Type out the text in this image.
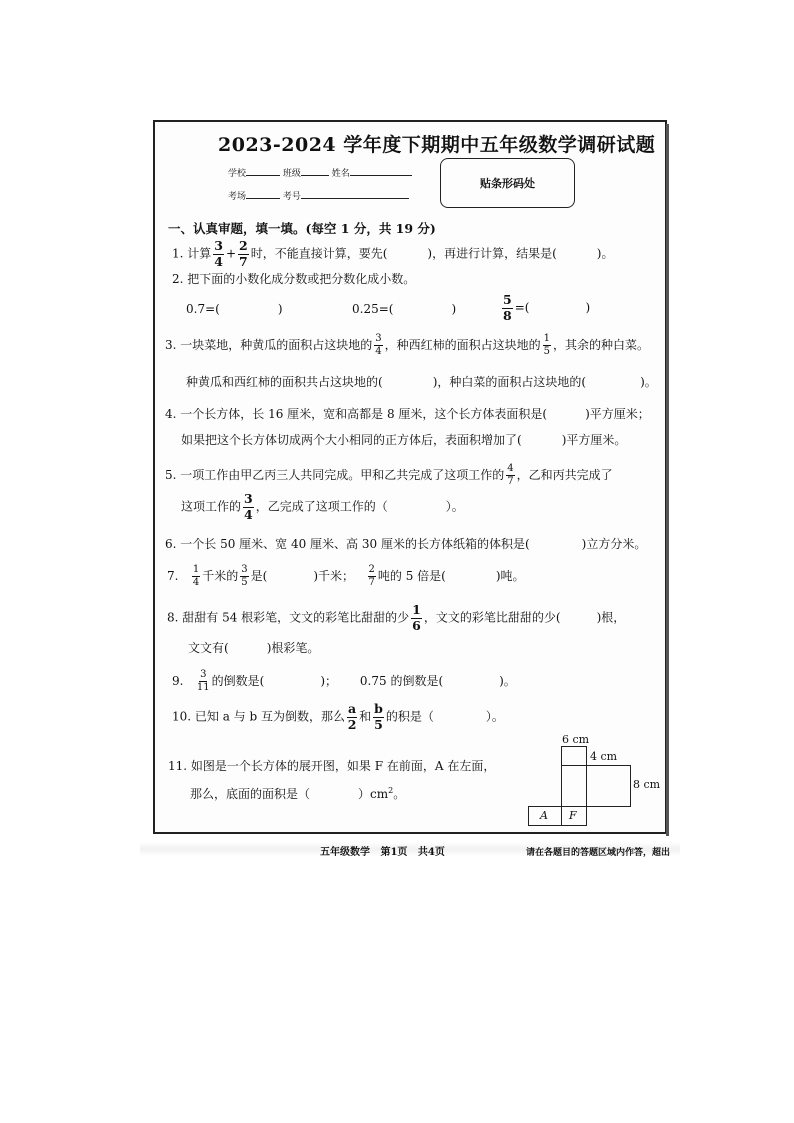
2023-2024 学年度下期期中五年级数学调研试题
学校	班级	姓名
考场	考号
贴条形码处
一、认真审题，填一填。(每空 1 分，共 19 分)
1. 计算 $\frac{3}{4} + \frac{2}{7}$ 时，不能直接计算，要先(	)，再进行计算，结果是(	)。
2. 把下面的小数化成分数或把分数化成小数。
0.7=(	)	0.25=(	)	$\frac{5}{8}$ =(	)
3. 一块菜地，种黄瓜的面积占这块地的 $\frac{3}{4}$ ，种西红柿的面积占这块地的 $\frac{1}{5}$ ，其余的种白菜。
种黄瓜和西红柿的面积共占这块地的(	)，种白菜的面积占这块地的(	)。
4. 一个长方体，长 16 厘米，宽和高都是 8 厘米，这个长方体表面积是(	)平方厘米；
如果把这个长方体切成两个大小相同的正方体后，表面积增加了(	)平方厘米。
5. 一项工作由甲乙丙三人共同完成。甲和乙共完成了这项工作的 $\frac{4}{7}$ ，乙和丙共完成了
这项工作的 $\frac{3}{4}$ ，乙完成了这项工作的（	）。
6. 一个长 50 厘米、宽 40 厘米、高 30 厘米的长方体纸箱的体积是(	)立方分米。
7. $\frac{1}{4}$ 千米的 $\frac{3}{5}$ 是(	)千米； $\frac{2}{7}$ 吨的 5 倍是(	)吨。
8. 甜甜有 54 根彩笔，文文的彩笔比甜甜的少 $\frac{1}{6}$ ，文文的彩笔比甜甜的少(	)根，
文文有(	)根彩笔。
9. $\frac{3}{11}$ 的倒数是(	)； 0.75 的倒数是(	)。
10. 已知 a 与 b 互为倒数，那么 $\frac{a}{2}$ 和 $\frac{b}{5}$ 的积是（	）。
11. 如图是一个长方体的展开图，如果 F 在前面，A 在左面，
那么，底面的面积是（	）$cm^2$。
6 cm
4 cm
8 cm
A F
五年级数学 第1页 共4页	请在各题目的答题区域内作答，超出
